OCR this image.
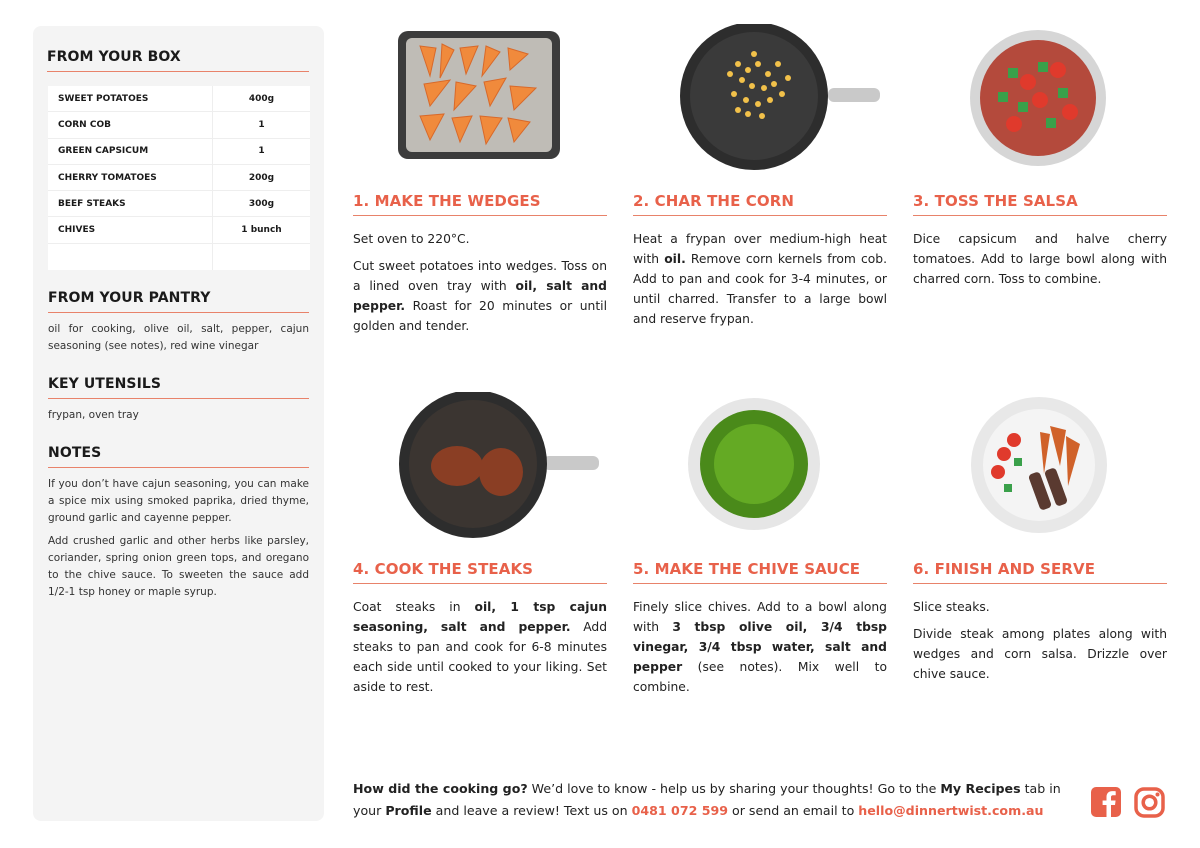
FROM YOUR BOX
SWEET POTATOES	400g
CORN COB	1
GREEN CAPSICUM	1
CHERRY TOMATOES	200g
BEEF STEAKS	300g
CHIVES	1 bunch
FROM YOUR PANTRY
oil for cooking, olive oil, salt, pepper, cajun seasoning (see notes), red wine vinegar
KEY UTENSILS
frypan, oven tray
NOTES
If you don’t have cajun seasoning, you can make a spice mix using smoked paprika, dried thyme, ground garlic and cayenne pepper.
Add crushed garlic and other herbs like parsley, coriander, spring onion green tops, and oregano to the chive sauce. To sweeten the sauce add 1/2-1 tsp honey or maple syrup.
1. MAKE THE WEDGES

Set oven to 220°C.

Cut sweet potatoes into wedges. Toss on a lined oven tray with oil, salt and pepper. Roast for 20 minutes or until golden and tender.

2. CHAR THE CORN

Heat a frypan over medium-high heat with oil. Remove corn kernels from cob. Add to pan and cook for 3-4 minutes, or until charred. Transfer to a large bowl and reserve frypan.

3. TOSS THE SALSA

Dice capsicum and halve cherry tomatoes. Add to large bowl along with charred corn. Toss to combine.

4. COOK THE STEAKS

Coat steaks in oil, 1 tsp cajun seasoning, salt and pepper. Add steaks to pan and cook for 6-8 minutes each side until cooked to your liking. Set aside to rest.

5. MAKE THE CHIVE SAUCE

Finely slice chives. Add to a bowl along with 3 tbsp olive oil, 3/4 tbsp vinegar, 3/4 tbsp water, salt and pepper (see notes). Mix well to combine.

6. FINISH AND SERVE

Slice steaks.

Divide steak among plates along with wedges and corn salsa. Drizzle over chive sauce.

How did the cooking go? We’d love to know - help us by sharing your thoughts! Go to the My Recipes tab in your Profile and leave a review! Text us on 0481 072 599 or send an email to hello@dinnertwist.com.au
